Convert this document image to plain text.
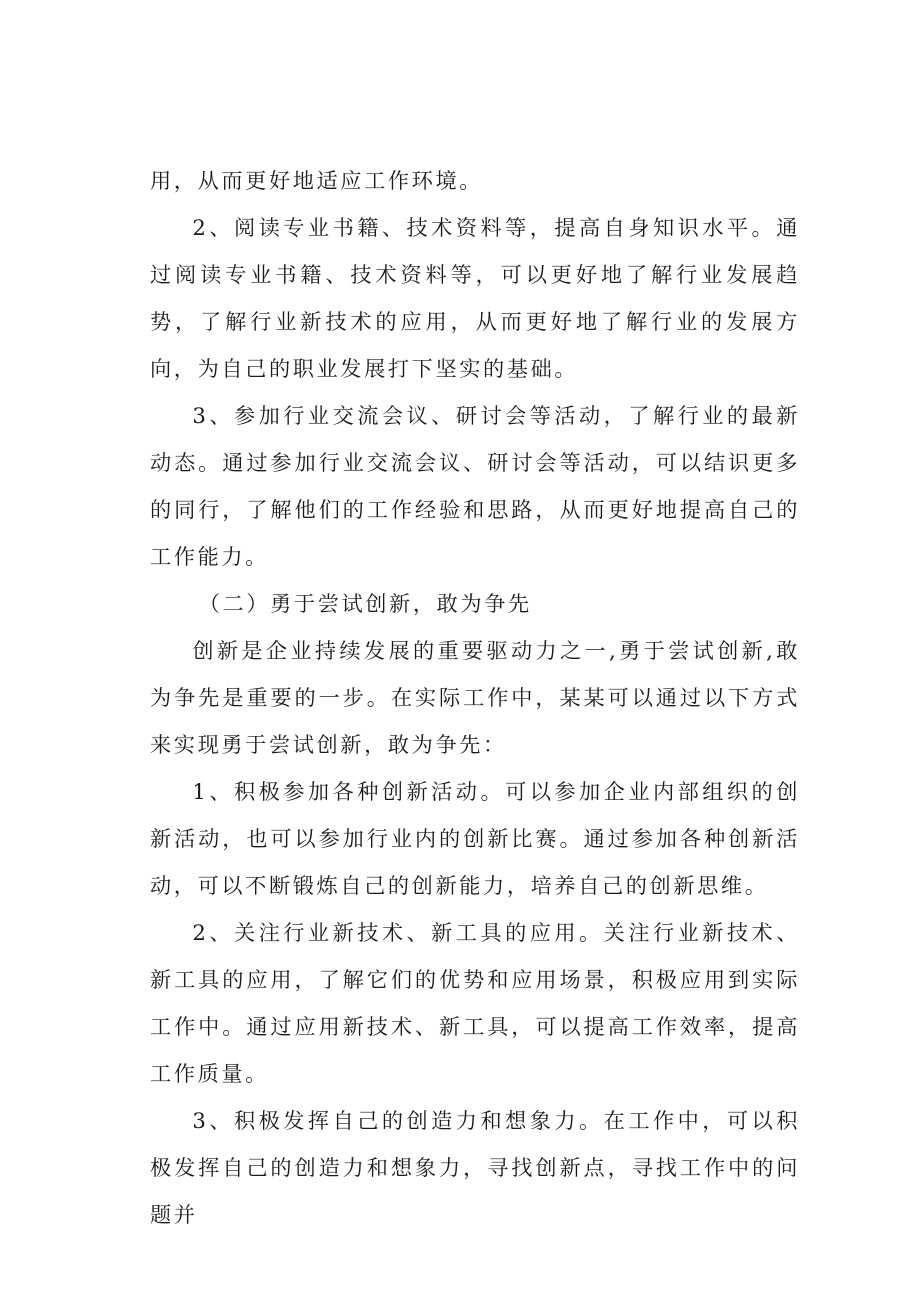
用，从而更好地适应工作环境。

2、阅读专业书籍、技术资料等，提高自身知识水平。通过阅读专业书籍、技术资料等，可以更好地了解行业发展趋势，了解行业新技术的应用，从而更好地了解行业的发展方向，为自己的职业发展打下坚实的基础。

3、参加行业交流会议、研讨会等活动，了解行业的最新动态。通过参加行业交流会议、研讨会等活动，可以结识更多的同行，了解他们的工作经验和思路，从而更好地提高自己的工作能力。

（二）勇于尝试创新，敢为争先

创新是企业持续发展的重要驱动力之一,勇于尝试创新,敢为争先是重要的一步。在实际工作中，某某可以通过以下方式来实现勇于尝试创新，敢为争先：

1、积极参加各种创新活动。可以参加企业内部组织的创新活动，也可以参加行业内的创新比赛。通过参加各种创新活动，可以不断锻炼自己的创新能力，培养自己的创新思维。

2、关注行业新技术、新工具的应用。关注行业新技术、新工具的应用，了解它们的优势和应用场景，积极应用到实际工作中。通过应用新技术、新工具，可以提高工作效率，提高工作质量。

3、积极发挥自己的创造力和想象力。在工作中，可以积极发挥自己的创造力和想象力，寻找创新点，寻找工作中的问题并
